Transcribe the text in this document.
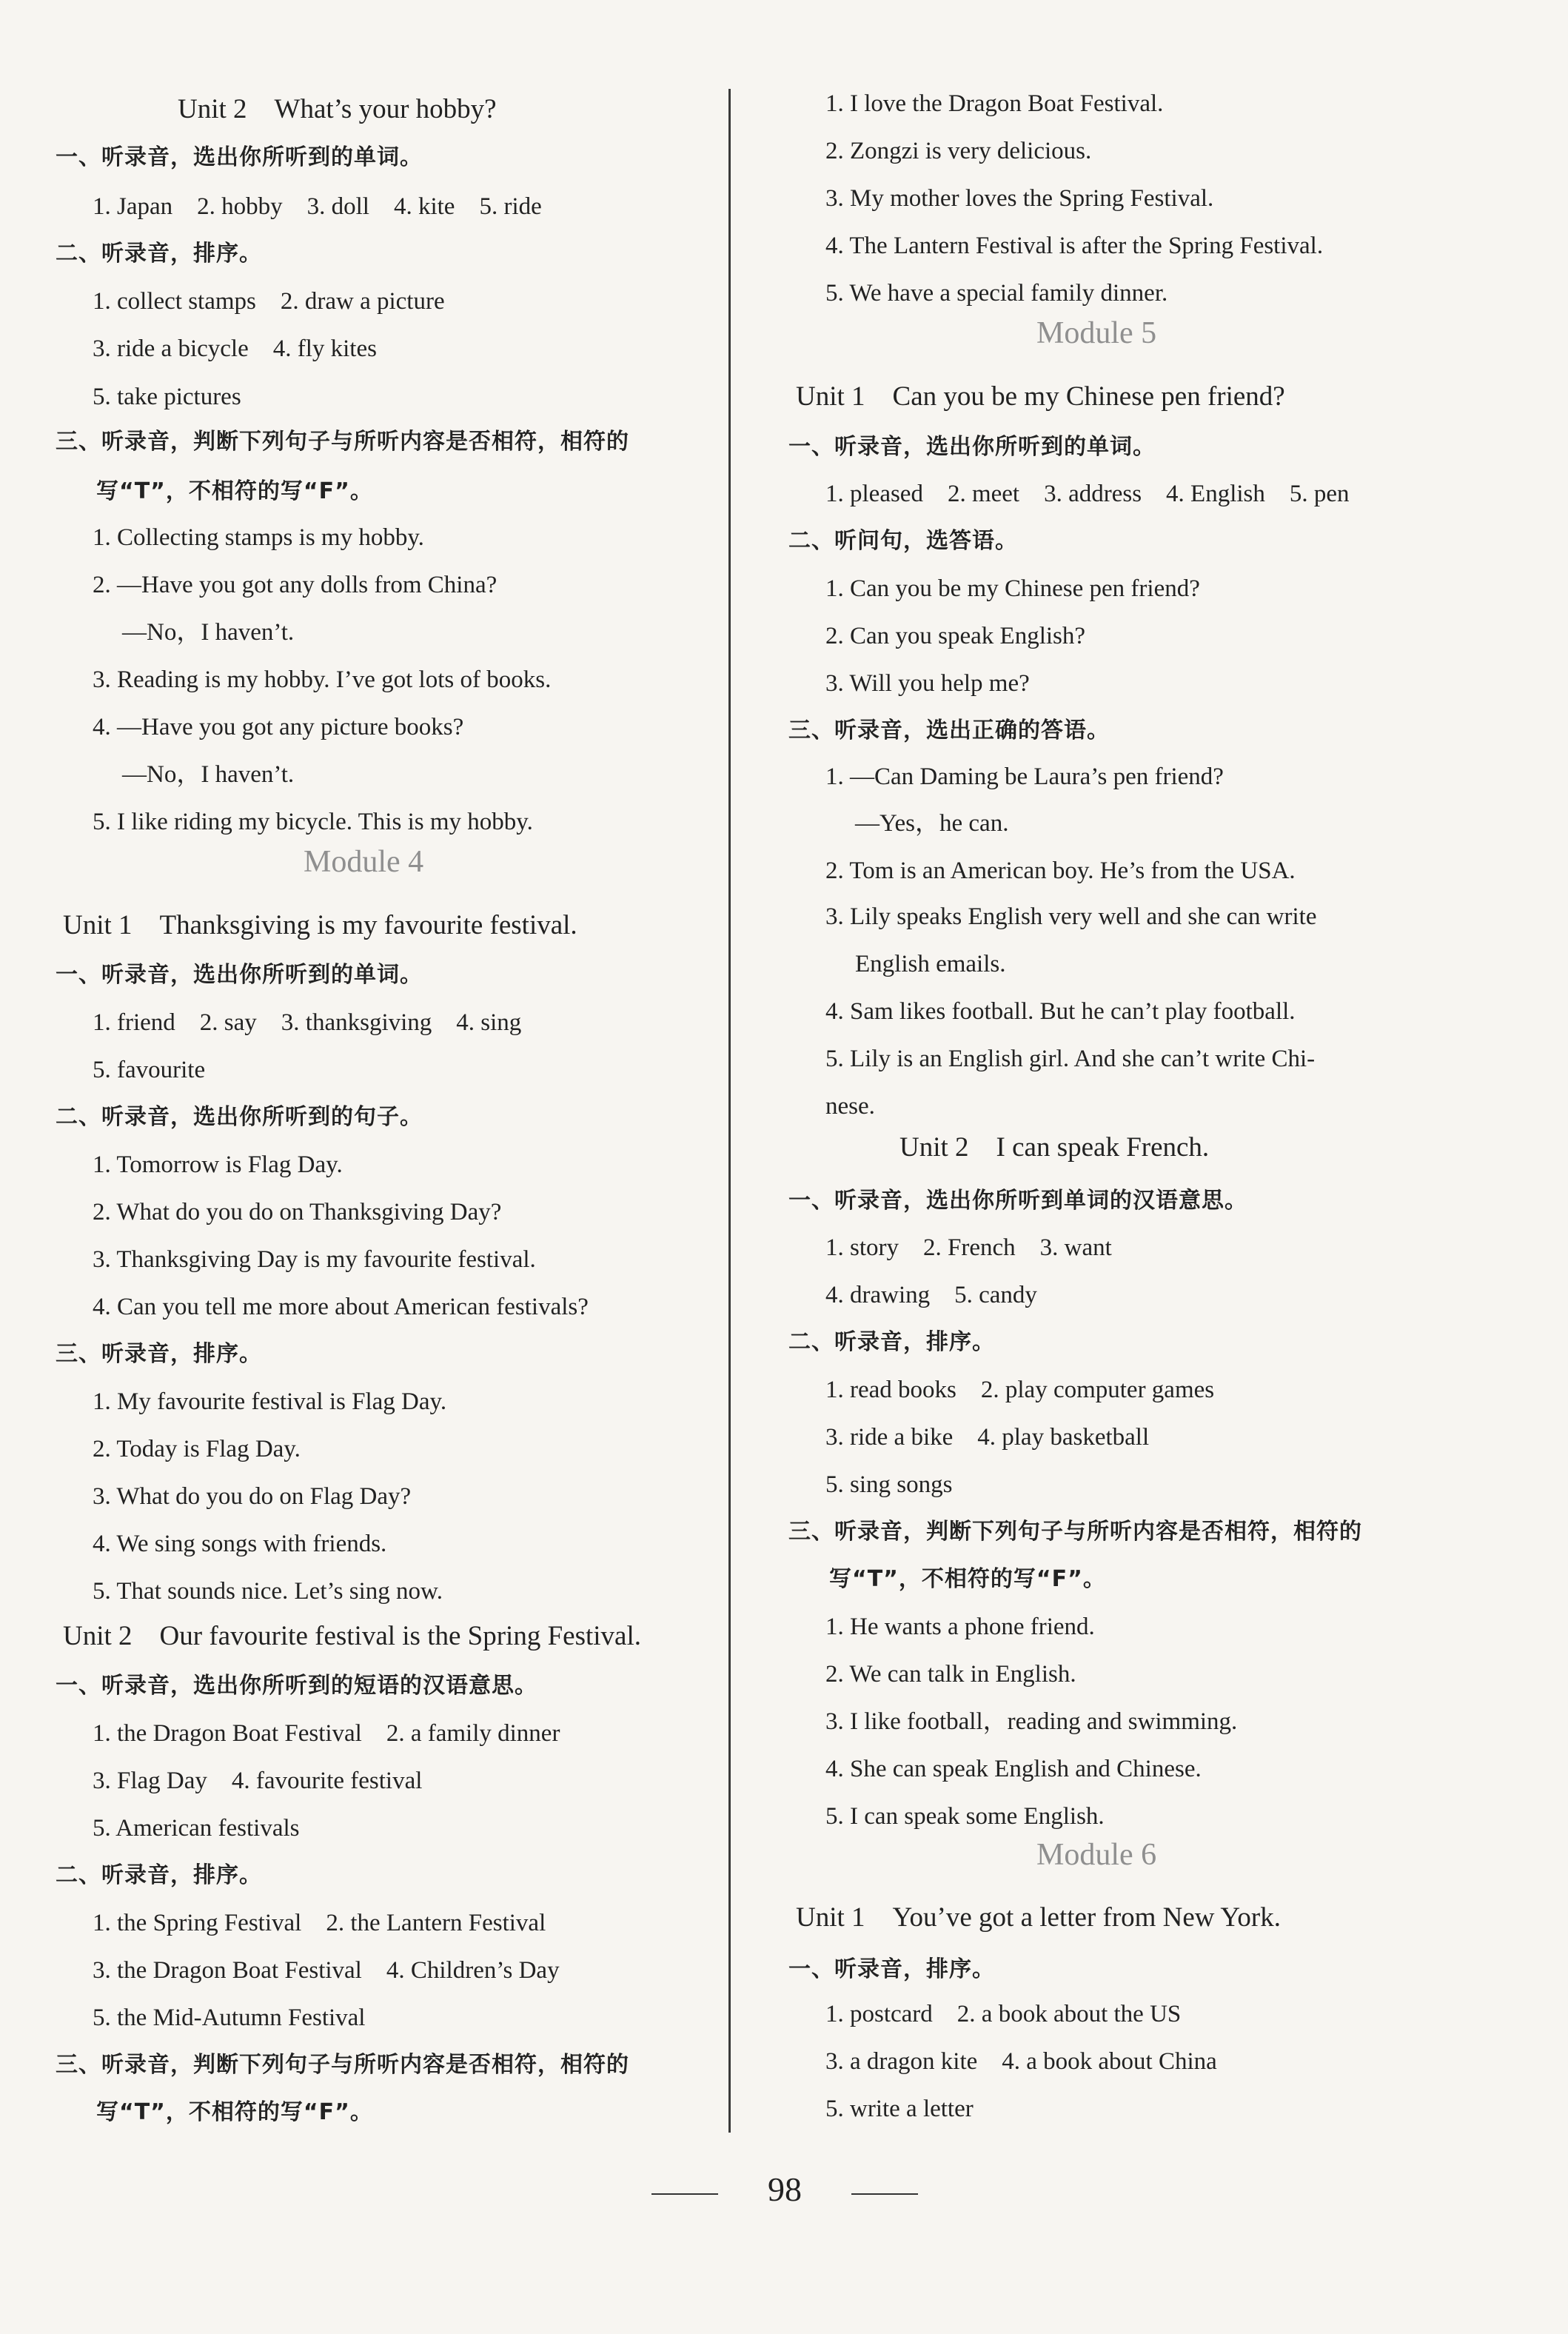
Unit 2　What’s your hobby?
一、听录音，选出你所听到的单词。
1. Japan　2. hobby　3. doll　4. kite　5. ride
二、听录音，排序。
1. collect stamps　2. draw a picture
3. ride a bicycle　4. fly kites
5. take pictures
三、听录音，判断下列句子与所听内容是否相符，相符的
写“T”，不相符的写“F”。
1. Collecting stamps is my hobby.
2. —Have you got any dolls from China?
—No，I haven’t.
3. Reading is my hobby. I’ve got lots of books.
4. —Have you got any picture books?
—No，I haven’t.
5. I like riding my bicycle. This is my hobby.
Module 4
Unit 1　Thanksgiving is my favourite festival.
一、听录音，选出你所听到的单词。
1. friend　2. say　3. thanksgiving　4. sing
5. favourite
二、听录音，选出你所听到的句子。
1. Tomorrow is Flag Day.
2. What do you do on Thanksgiving Day?
3. Thanksgiving Day is my favourite festival.
4. Can you tell me more about American festivals?
三、听录音，排序。
1. My favourite festival is Flag Day.
2. Today is Flag Day.
3. What do you do on Flag Day?
4. We sing songs with friends.
5. That sounds nice. Let’s sing now.
Unit 2　Our favourite festival is the Spring Festival.
一、听录音，选出你所听到的短语的汉语意思。
1. the Dragon Boat Festival　2. a family dinner
3. Flag Day　4. favourite festival
5. American festivals
二、听录音，排序。
1. the Spring Festival　2. the Lantern Festival
3. the Dragon Boat Festival　4. Children’s Day
5. the Mid-Autumn Festival
三、听录音，判断下列句子与所听内容是否相符，相符的
写“T”，不相符的写“F”。
1. I love the Dragon Boat Festival.
2. Zongzi is very delicious.
3. My mother loves the Spring Festival.
4. The Lantern Festival is after the Spring Festival.
5. We have a special family dinner.
Module 5
Unit 1　Can you be my Chinese pen friend?
一、听录音，选出你所听到的单词。
1. pleased　2. meet　3. address　4. English　5. pen
二、听问句，选答语。
1. Can you be my Chinese pen friend?
2. Can you speak English?
3. Will you help me?
三、听录音，选出正确的答语。
1. —Can Daming be Laura’s pen friend?
—Yes，he can.
2. Tom is an American boy. He’s from the USA.
3. Lily speaks English very well and she can write
English emails.
4. Sam likes football. But he can’t play football.
5. Lily is an English girl. And she can’t write Chi-
nese.
Unit 2　I can speak French.
一、听录音，选出你所听到单词的汉语意思。
1. story　2. French　3. want
4. drawing　5. candy
二、听录音，排序。
1. read books　2. play computer games
3. ride a bike　4. play basketball
5. sing songs
三、听录音，判断下列句子与所听内容是否相符，相符的
写“T”，不相符的写“F”。
1. He wants a phone friend.
2. We can talk in English.
3. I like football，reading and swimming.
4. She can speak English and Chinese.
5. I can speak some English.
Module 6
Unit 1　You’ve got a letter from New York.
一、听录音，排序。
1. postcard　2. a book about the US
3. a dragon kite　4. a book about China
5. write a letter
98
